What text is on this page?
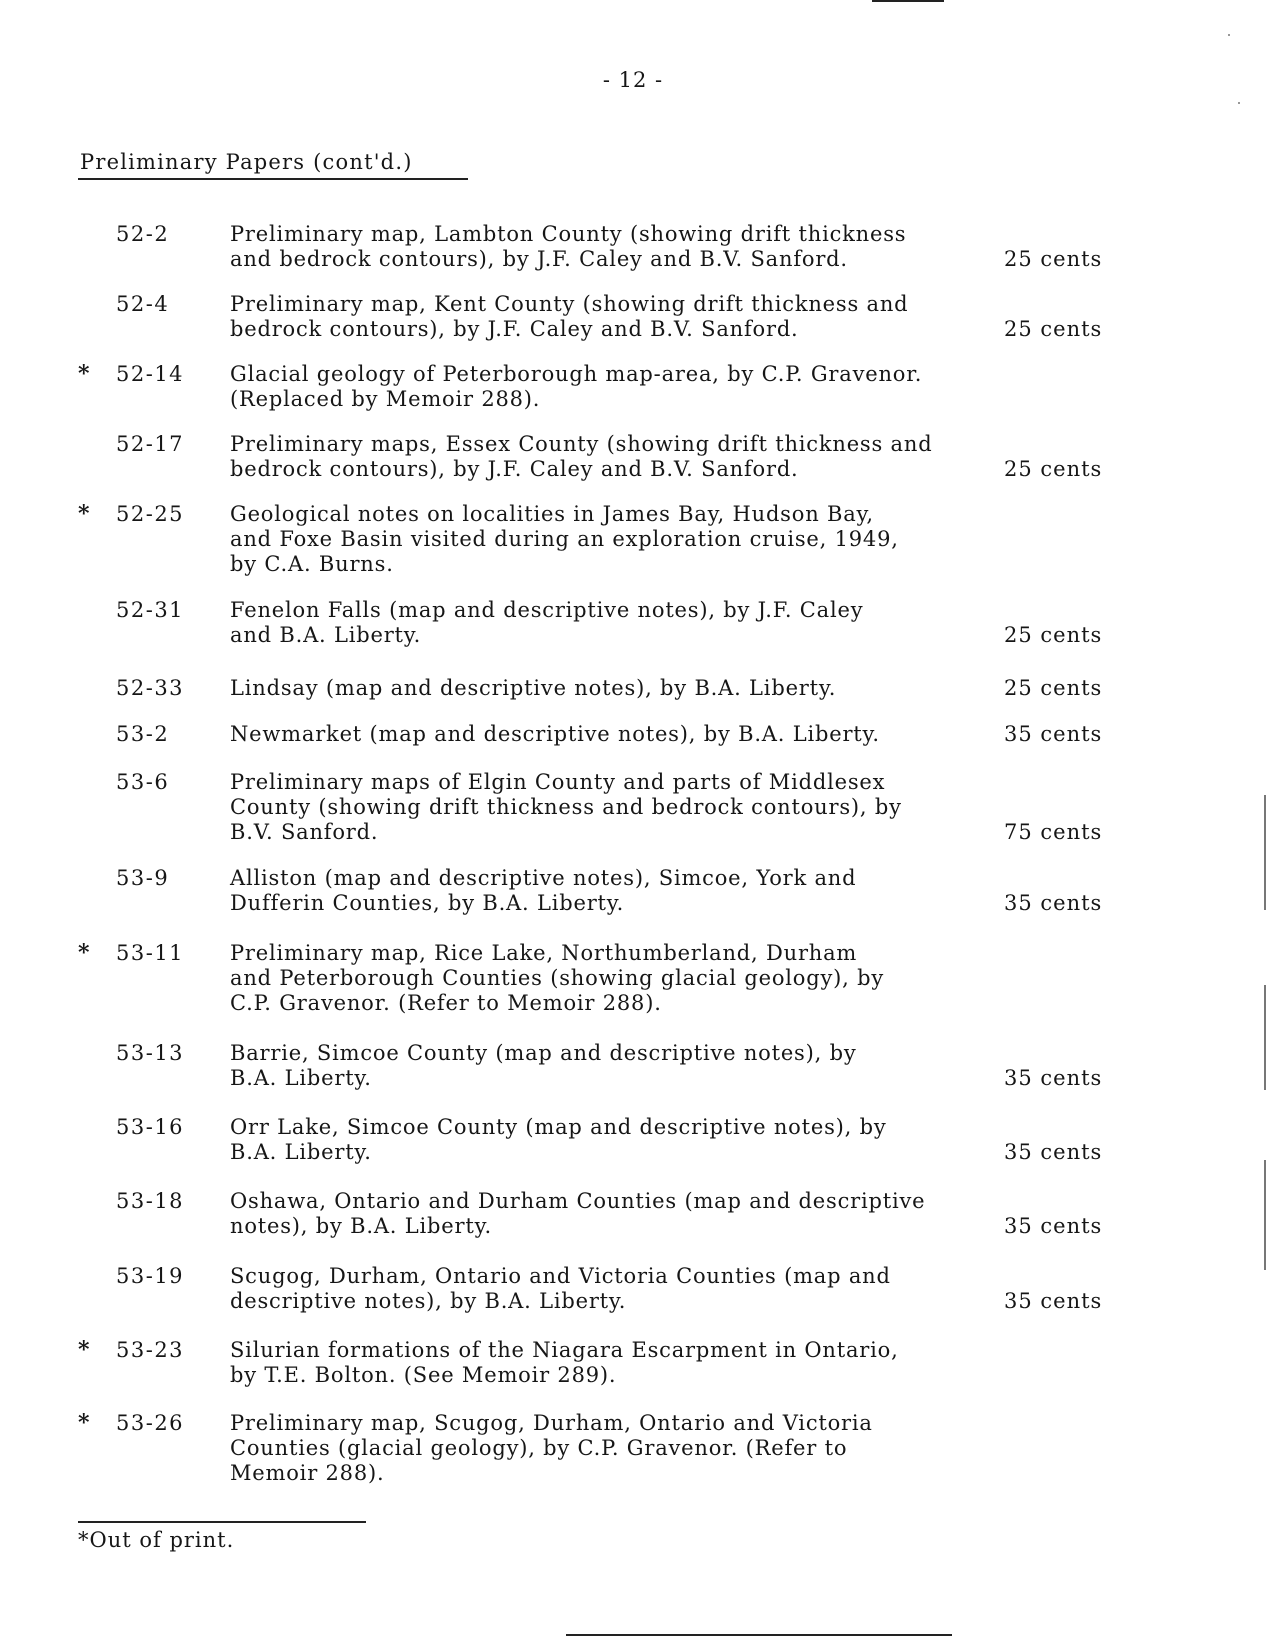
- 12 -
Preliminary Papers (cont'd.)
52-2	Preliminary map, Lambton County (showing drift thickness
and bedrock contours), by J.F. Caley and B.V. Sanford.	25 cents
52-4	Preliminary map, Kent County (showing drift thickness and
bedrock contours), by J.F. Caley and B.V. Sanford.	25 cents
*	52-14 Glacial geology of Peterborough map-area, by C.P. Gravenor.
(Replaced by Memoir 288).
52-17 Preliminary maps, Essex County (showing drift thickness and
bedrock contours), by J.F. Caley and B.V. Sanford.	25 cents
*	52-25 Geological notes on localities in James Bay, Hudson Bay,
and Foxe Basin visited during an exploration cruise, 1949,
by C.A. Burns.
52-31 Fenelon Falls (map and descriptive notes), by J.F. Caley
and B.A. Liberty.	25 cents
52-33 Lindsay (map and descriptive notes), by B.A. Liberty.	25 cents
53-2	Newmarket (map and descriptive notes), by B.A. Liberty.	35 cents
53-6	Preliminary maps of Elgin County and parts of Middlesex
County (showing drift thickness and bedrock contours), by
B.V. Sanford.	75 cents
53-9	Alliston (map and descriptive notes), Simcoe, York and
Dufferin Counties, by B.A. Liberty.	35 cents
*	53-11 Preliminary map, Rice Lake, Northumberland, Durham
and Peterborough Counties (showing glacial geology), by
C.P. Gravenor. (Refer to Memoir 288).
53-13 Barrie, Simcoe County (map and descriptive notes), by
B.A. Liberty.	35 cents
53-16 Orr Lake, Simcoe County (map and descriptive notes), by
B.A. Liberty.	35 cents
53-18 Oshawa, Ontario and Durham Counties (map and descriptive
notes), by B.A. Liberty.	35 cents
53-19 Scugog, Durham, Ontario and Victoria Counties (map and
descriptive notes), by B.A. Liberty.	35 cents
*	53-23 Silurian formations of the Niagara Escarpment in Ontario,
by T.E. Bolton. (See Memoir 289).
*	53-26 Preliminary map, Scugog, Durham, Ontario and Victoria
Counties (glacial geology), by C.P. Gravenor. (Refer to
Memoir 288).
*Out of print.
